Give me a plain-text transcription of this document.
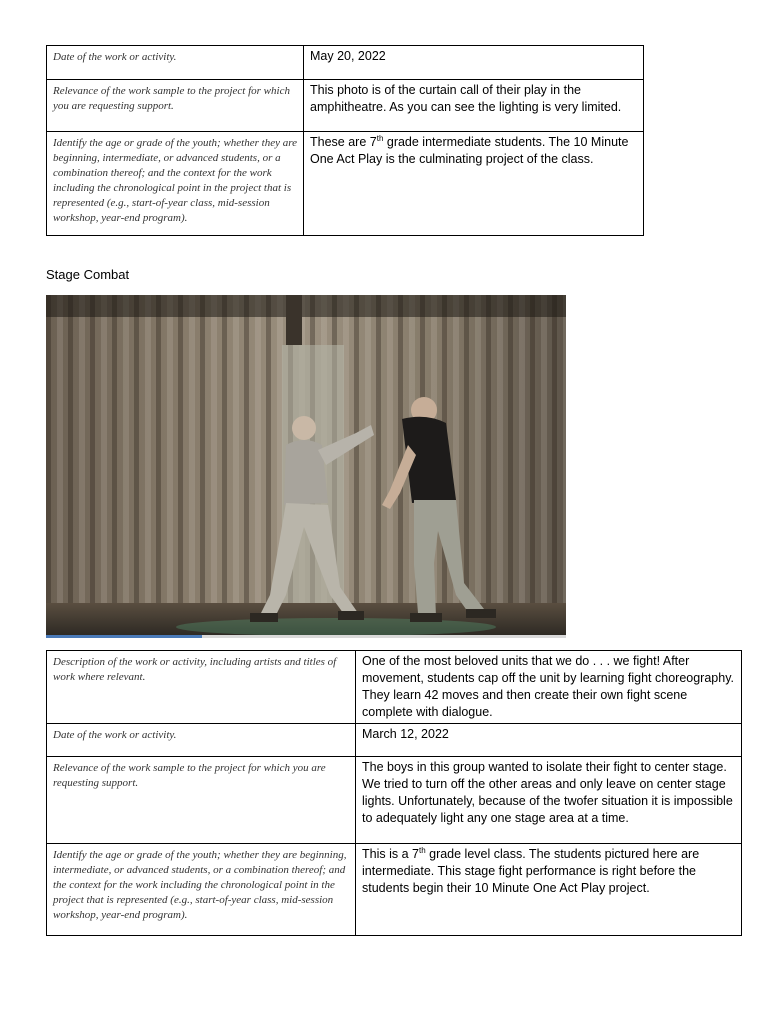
Date of the work or activity.	May 20, 2022
Relevance of the work sample to the project for which you are requesting support.	This photo is of the curtain call of their play in the amphitheatre. As you can see the lighting is very limited.
Identify the age or grade of the youth; whether they are beginning, intermediate, or advanced students, or a combination thereof; and the context for the work including the chronological point in the project that is represented (e.g., start-of-year class, mid-session workshop, year-end program).	These are 7th grade intermediate students. The 10 Minute One Act Play is the culminating project of the class.
Stage Combat
Description of the work or activity, including artists and titles of work where relevant.	One of the most beloved units that we do . . . we fight! After movement, students cap off the unit by learning fight choreography. They learn 42 moves and then create their own fight scene complete with dialogue.
Date of the work or activity.	March 12, 2022
Relevance of the work sample to the project for which you are requesting support.	The boys in this group wanted to isolate their fight to center stage. We tried to turn off the other areas and only leave on center stage lights. Unfortunately, because of the twofer situation it is impossible to adequately light any one stage area at a time.
Identify the age or grade of the youth; whether they are beginning, intermediate, or advanced students, or a combination thereof; and the context for the work including the chronological point in the project that is represented (e.g., start-of-year class, mid-session workshop, year-end program).	This is a 7th grade level class. The students pictured here are intermediate. This stage fight performance is right before the students begin their 10 Minute One Act Play project.
